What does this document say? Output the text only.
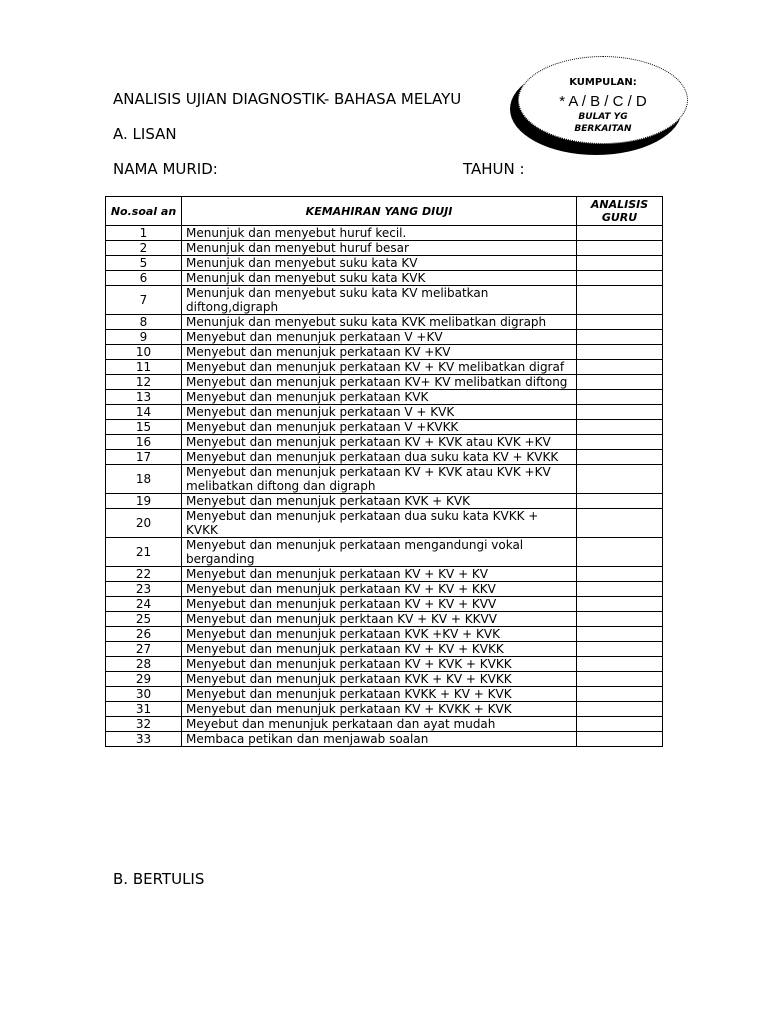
ANALISIS UJIAN DIAGNOSTIK- BAHASA MELAYU
A. LISAN
NAMA MURID:	TAHUN :
KUMPULAN:
* A / B / C / D
BULAT YG
BERKAITAN
No.soal an	KEMAHIRAN YANG DIUJI	ANALISIS GURU
1	Menunjuk dan menyebut huruf kecil.	
2	Menunjuk dan menyebut huruf besar	
5	Menunjuk dan menyebut suku kata KV	
6	Menunjuk dan menyebut suku kata KVK	
7	Menunjuk dan menyebut suku kata KV melibatkan diftong,digraph	
8	Menunjuk dan menyebut suku kata KVK melibatkan digraph	
9	Menyebut dan menunjuk perkataan V +KV	
10	Menyebut dan menunjuk perkataan KV +KV	
11	Menyebut dan menunjuk perkataan KV + KV melibatkan digraf	
12	Menyebut dan menunjuk perkataan KV+ KV melibatkan diftong	
13	Menyebut dan menunjuk perkataan KVK	
14	Menyebut dan menunjuk perkataan V + KVK	
15	Menyebut dan menunjuk perkataan V +KVKK	
16	Menyebut dan menunjuk perkataan KV + KVK atau KVK +KV	
17	Menyebut dan menunjuk perkataan dua suku kata KV + KVKK	
18	Menyebut dan menunjuk perkataan KV + KVK atau KVK +KV melibatkan diftong dan digraph	
19	Menyebut dan menunjuk perkataan KVK + KVK	
20	Menyebut dan menunjuk perkataan dua suku kata KVKK + KVKK	
21	Menyebut dan menunjuk perkataan mengandungi vokal berganding	
22	Menyebut dan menunjuk perkataan KV + KV + KV	
23	Menyebut dan menunjuk perkataan KV + KV + KKV	
24	Menyebut dan menunjuk perkataan KV + KV + KVV	
25	Menyebut dan menunjuk perktaan KV + KV + KKVV	
26	Menyebut dan menunjuk perkataan KVK +KV + KVK	
27	Menyebut dan menunjuk perkataan KV + KV + KVKK	
28	Menyebut dan menunjuk perkataan KV + KVK + KVKK	
29	Menyebut dan menunjuk perkataan KVK + KV + KVKK	
30	Menyebut dan menunjuk perkataan KVKK + KV + KVK	
31	Menyebut dan menunjuk perkataan KV + KVKK + KVK	
32	Meyebut dan menunjuk perkataan dan ayat mudah	
33	Membaca petikan dan menjawab soalan	
B. BERTULIS
